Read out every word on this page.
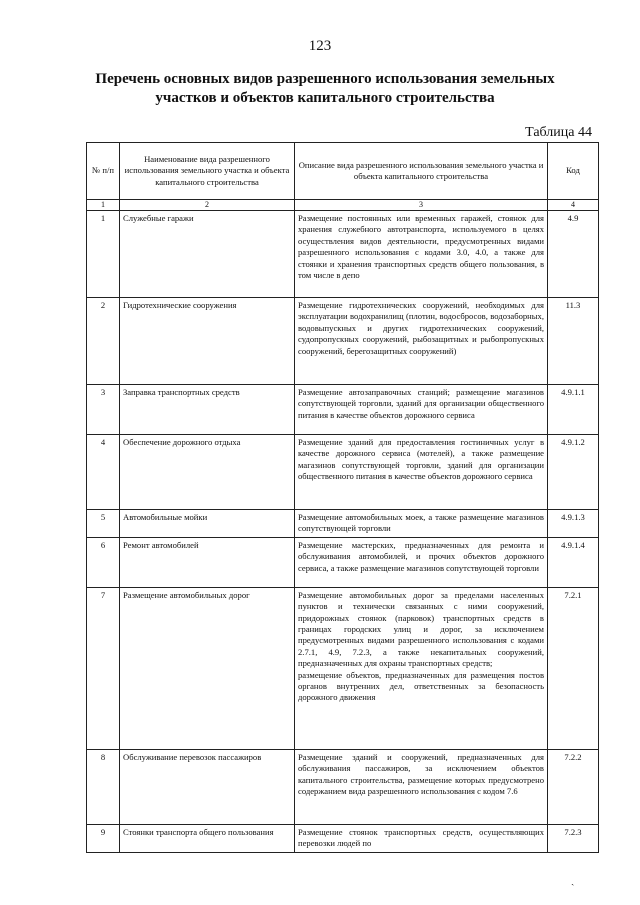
123
Перечень основных видов разрешенного использования земельных
участков и объектов капитального строительства
Таблица 44
№ п/п	Наименование вида разрешенного использования земельного участка и объекта капитального строительства	Описание вида разрешенного использования земельного участка и объекта капитального строительства	Код
1	2	3	4
1	Служебные гаражи	Размещение постоянных или временных гаражей, стоянок для хранения служебного автотранспорта, используемого в целях осуществления видов деятельности, предусмотренных видами разрешенного использования с кодами 3.0, 4.0, а также для стоянки и хранения транспортных средств общего пользования, в том числе в депо	4.9
2	Гидротехнические сооружения	Размещение гидротехнических сооружений, необходимых для эксплуатации водохранилищ (плотин, водосбросов, водозаборных, водовыпускных и других гидротехнических сооружений, судопропускных сооружений, рыбозащитных и рыбопропускных сооружений, берегозащитных сооружений)	11.3
3	Заправка транспортных средств	Размещение автозаправочных станций; размещение магазинов сопутствующей торговли, зданий для организации общественного питания в качестве объектов дорожного сервиса	4.9.1.1
4	Обеспечение дорожного отдыха	Размещение зданий для предоставления гостиничных услуг в качестве дорожного сервиса (мотелей), а также размещение магазинов сопутствующей торговли, зданий для организации общественного питания в качестве объектов дорожного сервиса	4.9.1.2
5	Автомобильные мойки	Размещение автомобильных моек, а также размещение магазинов сопутствующей торговли	4.9.1.3
6	Ремонт автомобилей	Размещение мастерских, предназначенных для ремонта и обслуживания автомобилей, и прочих объектов дорожного сервиса, а также размещение магазинов сопутствующей торговли	4.9.1.4
7	Размещение автомобильных дорог	Размещение автомобильных дорог за пределами населенных пунктов и технически связанных с ними сооружений, придорожных стоянок (парковок) транспортных средств в границах городских улиц и дорог, за исключением предусмотренных видами разрешенного использования с кодами 2.7.1, 4.9, 7.2.3, а также некапитальных сооружений, предназначенных для охраны транспортных средств;
размещение объектов, предназначенных для размещения постов органов внутренних дел, ответственных за безопасность дорожного движения	7.2.1
8	Обслуживание перевозок пассажиров	Размещение зданий и сооружений, предназначенных для обслуживания пассажиров, за исключением объектов капитального строительства, размещение которых предусмотрено содержанием вида разрешенного использования с кодом 7.6	7.2.2
9	Стоянки транспорта общего пользования	Размещение стоянок транспортных средств, осуществляющих перевозки людей по	7.2.3
ˎ
